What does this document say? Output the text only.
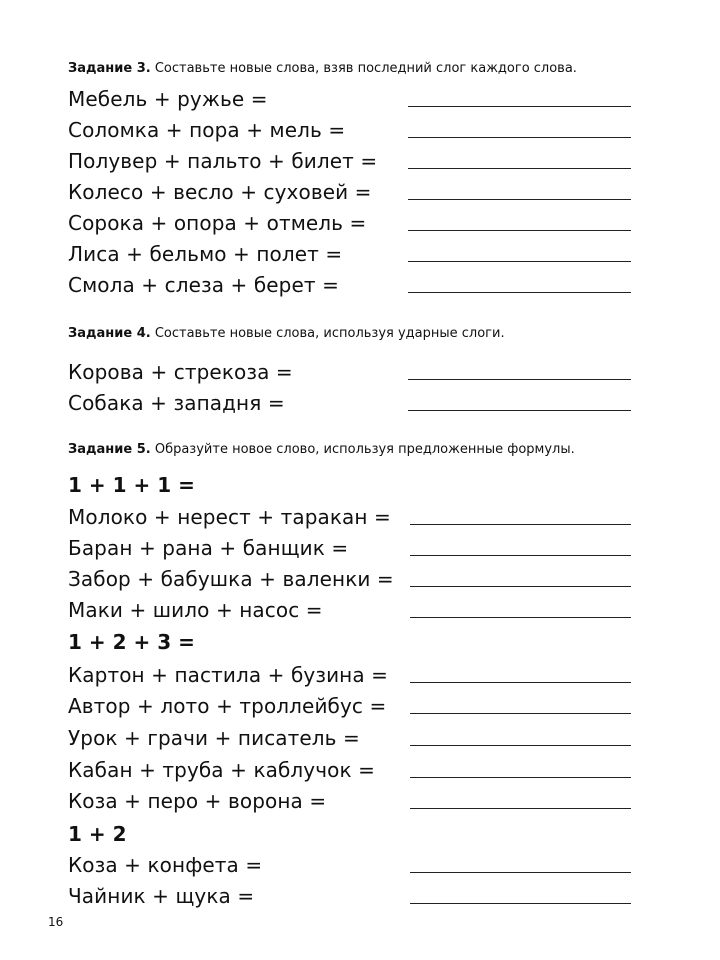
Задание 3. Составьте новые слова, взяв последний слог каждого слова.
Мебель + ружье =
Соломка + пора + мель =
Полувер + пальто + билет =
Колесо + весло + суховей =
Сорока + опора + отмель =
Лиса + бельмо + полет =
Смола + слеза + берет =
Задание 4. Составьте новые слова, используя ударные слоги.
Корова + стрекоза =
Собака + западня =
Задание 5. Образуйте новое слово, используя предложенные формулы.
1 + 1 + 1 =
Молоко + нерест + таракан =
Баран + рана + банщик =
Забор + бабушка + валенки =
Маки + шило + насос =
1 + 2 + 3 =
Картон + пастила + бузина =
Автор + лото + троллейбус =
Урок + грачи + писатель =
Кабан + труба + каблучок =
Коза + перо + ворона =
1 + 2
Коза + конфета =
Чайник + щука =
16
